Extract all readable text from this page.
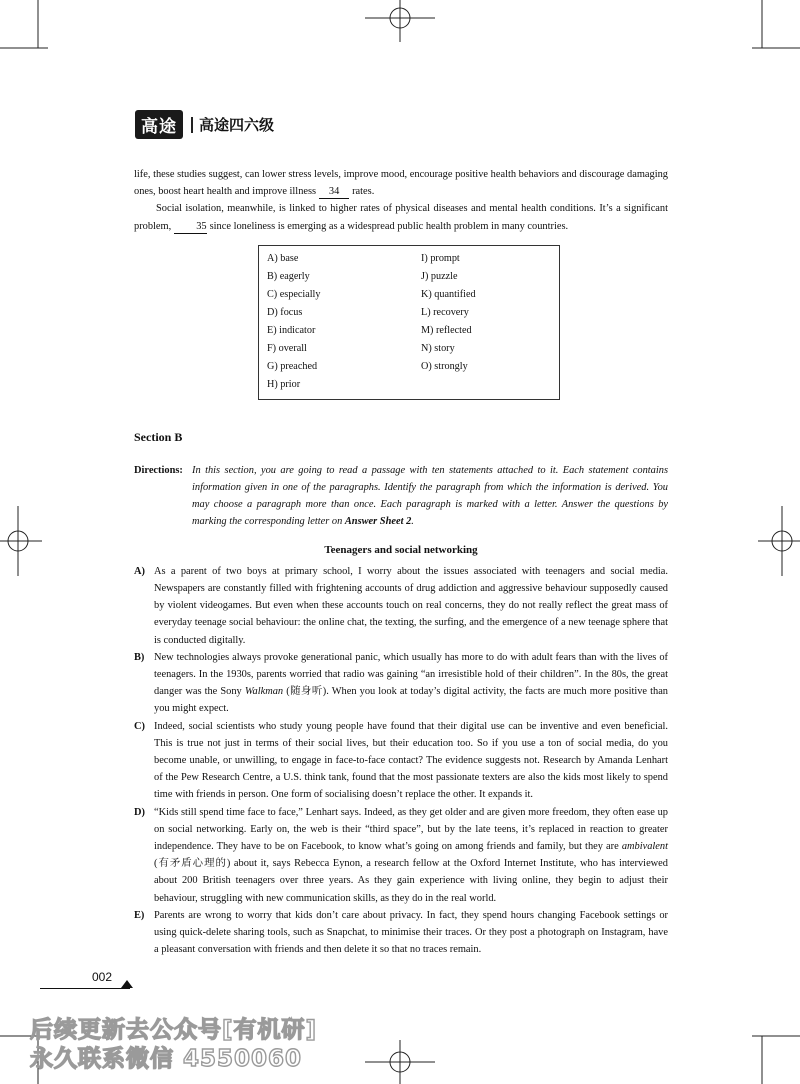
高途	高途四六级

life, these studies suggest, can lower stress levels, improve mood, encourage positive health behaviors and discourage damaging ones, boost heart health and improve illness 34 rates.

Social isolation, meanwhile, is linked to higher rates of physical diseases and mental health conditions. It’s a significant problem, 35 since loneliness is emerging as a widespread public health problem in many countries.

A) base	I) prompt
B) eagerly	J) puzzle
C) especially	K) quantified
D) focus	L) recovery
E) indicator	M) reflected
F) overall	N) story
G) preached	O) strongly
H) prior
Section B
Directions: In this section, you are going to read a passage with ten statements attached to it. Each statement contains information given in one of the paragraphs. Identify the paragraph from which the information is derived. You may choose a paragraph more than once. Each paragraph is marked with a letter. Answer the questions by marking the corresponding letter on Answer Sheet 2.
Teenagers and social networking
A) As a parent of two boys at primary school, I worry about the issues associated with teenagers and social media. Newspapers are constantly filled with frightening accounts of drug addiction and aggressive behaviour supposedly caused by violent videogames. But even when these accounts touch on real concerns, they do not really reflect the great mass of everyday teenage social behaviour: the online chat, the texting, the surfing, and the emergence of a new teenage sphere that is conducted digitally.
B) New technologies always provoke generational panic, which usually has more to do with adult fears than with the lives of teenagers. In the 1930s, parents worried that radio was gaining “an irresistible hold of their children”. In the 80s, the great danger was the Sony Walkman (随身听). When you look at today’s digital activity, the facts are much more positive than you might expect.
C) Indeed, social scientists who study young people have found that their digital use can be inventive and even beneficial. This is true not just in terms of their social lives, but their education too. So if you use a ton of social media, do you become unable, or unwilling, to engage in face-to-face contact? The evidence suggests not. Research by Amanda Lenhart of the Pew Research Centre, a U.S. think tank, found that the most passionate texters are also the kids most likely to spend time with friends in person. One form of socialising doesn’t replace the other. It expands it.
D) “Kids still spend time face to face,” Lenhart says. Indeed, as they get older and are given more freedom, they often ease up on social networking. Early on, the web is their “third space”, but by the late teens, it’s replaced in reaction to greater independence. They have to be on Facebook, to know what’s going on among friends and family, but they are ambivalent (有矛盾心理的) about it, says Rebecca Eynon, a research fellow at the Oxford Internet Institute, who has interviewed about 200 British teenagers over three years. As they gain experience with living online, they begin to adjust their behaviour, struggling with new communication skills, as they do in the real world.
E) Parents are wrong to worry that kids don’t care about privacy. In fact, they spend hours changing Facebook settings or using quick-delete sharing tools, such as Snapchat, to minimise their traces. Or they post a photograph on Instagram, have a pleasant conversation with friends and then delete it so that no traces remain.
002
后续更新去公众号[有机研]
永久联系微信 4550060
